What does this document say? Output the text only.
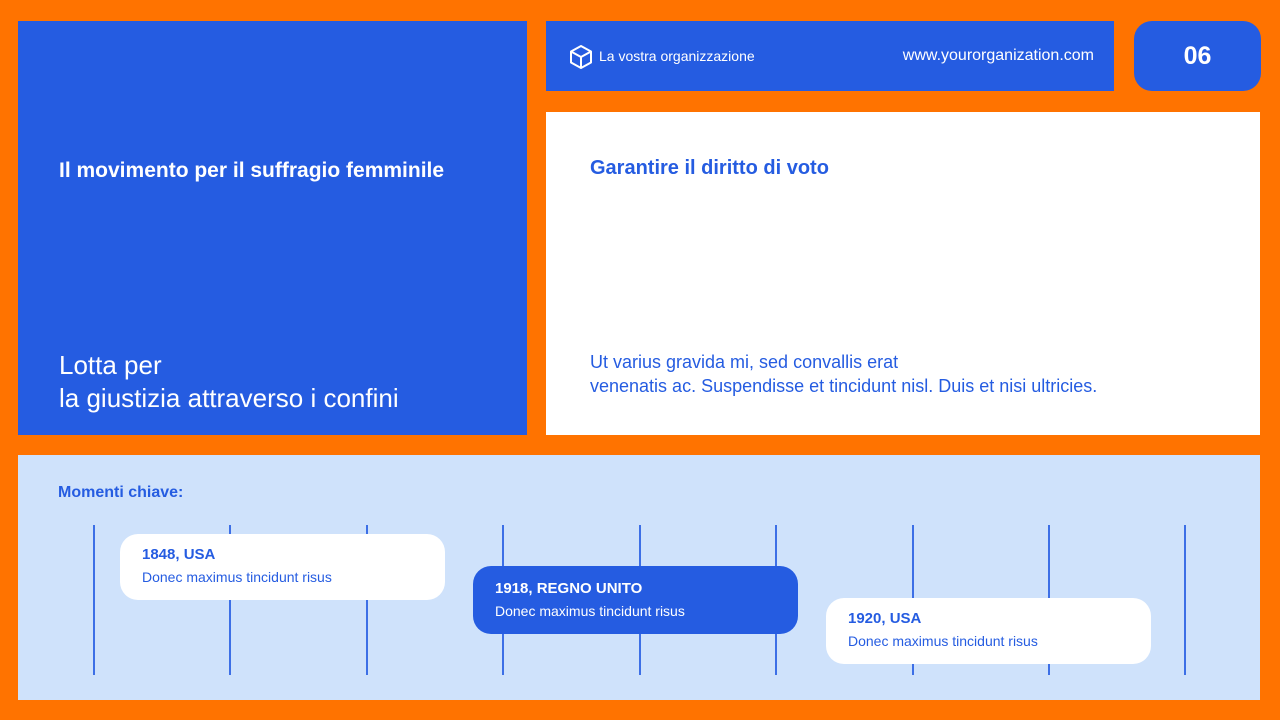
Il movimento per il suffragio femminile
Lotta per
la giustizia attraverso i confini
La vostra organizzazione	www.yourorganization.com	06
Garantire il diritto di voto
Ut varius gravida mi, sed convallis erat
venenatis ac. Suspendisse et tincidunt nisl. Duis et nisi ultricies.
Momenti chiave:
1848, USA
Donec maximus tincidunt risus
1918, REGNO UNITO
Donec maximus tincidunt risus	1920, USA
Donec maximus tincidunt risus
